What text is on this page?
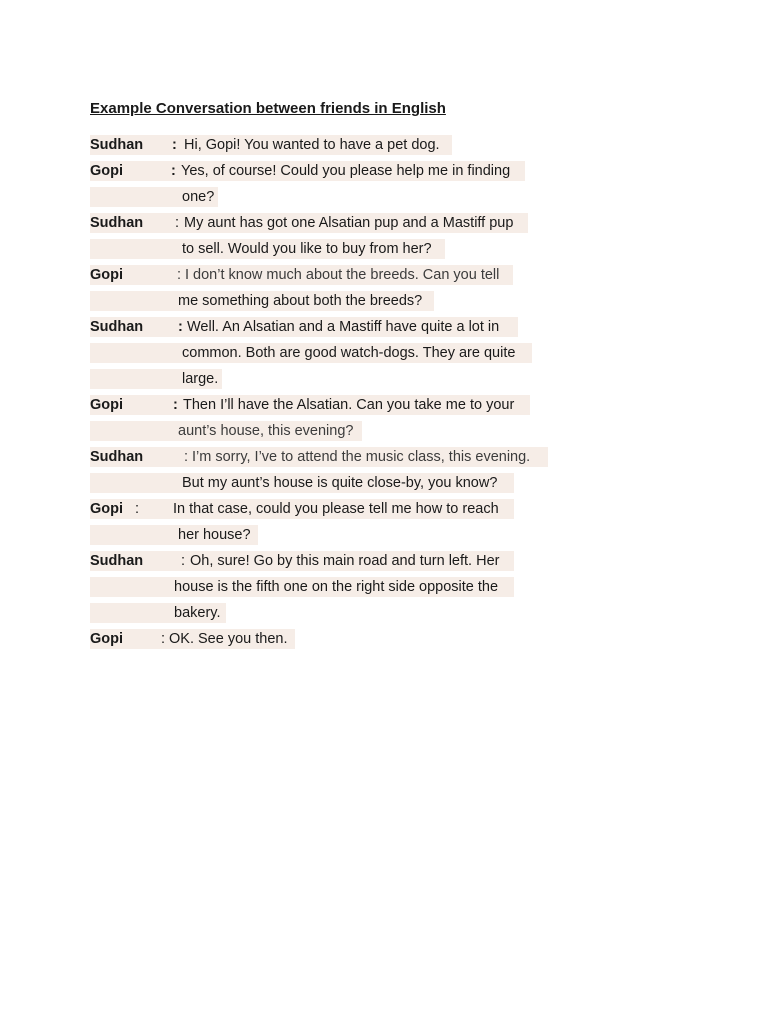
Example Conversation between friends in English
Sudhan : Hi, Gopi! You wanted to have a pet dog.
Gopi	: Yes, of course! Could you please help me in finding
one?
Sudhan : My aunt has got one Alsatian pup and a Mastiff pup
to sell. Would you like to buy from her?
Gopi	: I don’t know much about the breeds. Can you tell
me something about both the breeds?
Sudhan : Well. An Alsatian and a Mastiff have quite a lot in
common. Both are good watch-dogs. They are quite
large.
Gopi	: Then I’ll have the Alsatian. Can you take me to your
aunt’s house, this evening?
Sudhan	: I’m sorry, I’ve to attend the music class, this evening.
But my aunt’s house is quite close-by, you know?
Gopi : In that case, could you please tell me how to reach
her house?
Sudhan	: Oh, sure! Go by this main road and turn left. Her
house is the fifth one on the right side opposite the
bakery.
Gopi	: OK. See you then.
